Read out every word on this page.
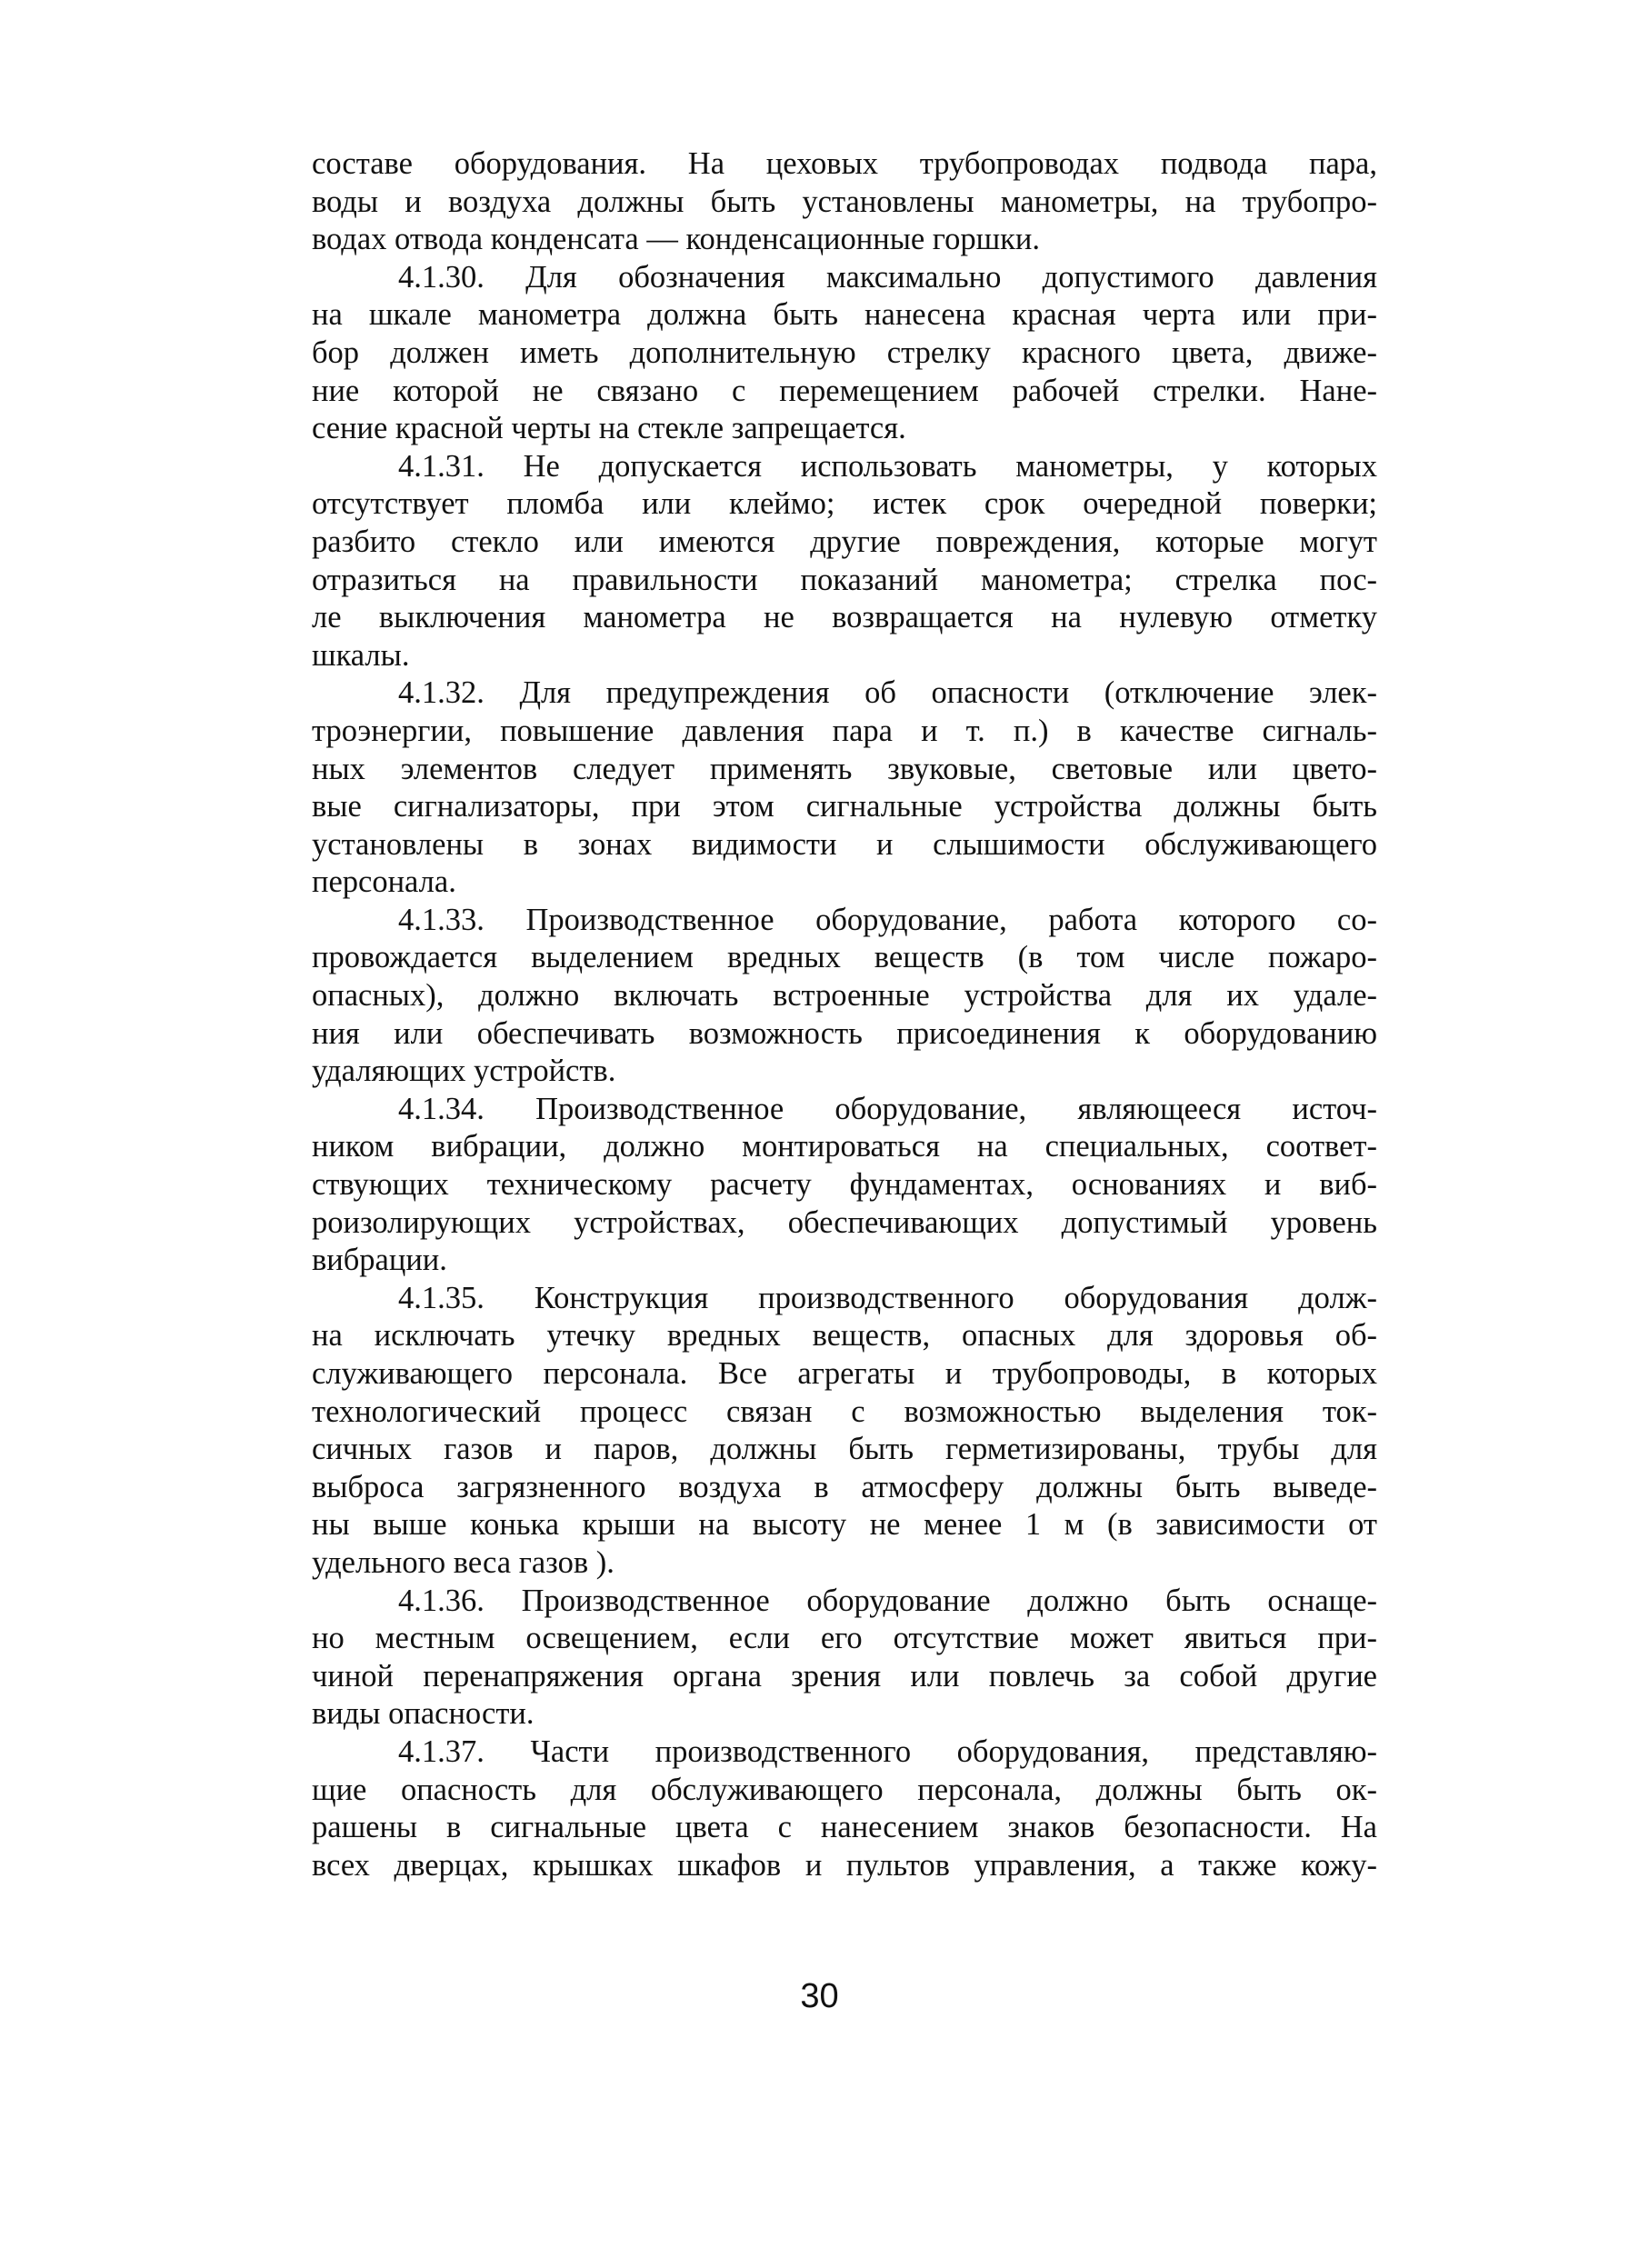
составе оборудования. На цеховых трубопроводах подвода пара,
воды и воздуха должны быть установлены манометры, на трубопро-
водах отвода конденсата — конденсационные горшки.
4.1.30. Для обозначения максимально допустимого давления
на шкале манометра должна быть нанесена красная черта или при-
бор должен иметь дополнительную стрелку красного цвета, движе-
ние которой не связано с перемещением рабочей стрелки. Нане-
сение красной черты на стекле запрещается.
4.1.31. Не допускается использовать манометры, у которых
отсутствует пломба или клеймо; истек срок очередной поверки;
разбито стекло или имеются другие повреждения, которые могут
отразиться на правильности показаний манометра; стрелка пос-
ле выключения манометра не возвращается на нулевую отметку
шкалы.
4.1.32. Для предупреждения об опасности (отключение элек-
троэнергии, повышение давления пара и т. п.) в качестве сигналь-
ных элементов следует применять звуковые, световые или цвето-
вые сигнализаторы, при этом сигнальные устройства должны быть
установлены в зонах видимости и слышимости обслуживающего
персонала.
4.1.33. Производственное оборудование, работа которого со-
провождается выделением вредных веществ (в том числе пожаро-
опасных), должно включать встроенные устройства для их удале-
ния или обеспечивать возможность присоединения к оборудованию
удаляющих устройств.
4.1.34. Производственное оборудование, являющееся источ-
ником вибрации, должно монтироваться на специальных, соответ-
ствующих техническому расчету фундаментах, основаниях и виб-
роизолирующих устройствах, обеспечивающих допустимый уровень
вибрации.
4.1.35. Конструкция производственного оборудования долж-
на исключать утечку вредных веществ, опасных для здоровья об-
служивающего персонала. Все агрегаты и трубопроводы, в которых
технологический процесс связан с возможностью выделения ток-
сичных газов и паров, должны быть герметизированы, трубы для
выброса загрязненного воздуха в атмосферу должны быть выведе-
ны выше конька крыши на высоту не менее 1 м (в зависимости от
удельного веса газов ).
4.1.36. Производственное оборудование должно быть оснаще-
но местным освещением, если его отсутствие может явиться при-
чиной перенапряжения органа зрения или повлечь за собой другие
виды опасности.
4.1.37. Части производственного оборудования, представляю-
щие опасность для обслуживающего персонала, должны быть ок-
рашены в сигнальные цвета с нанесением знаков безопасности. На
всех дверцах, крышках шкафов и пультов управления, а также кожу-
30
